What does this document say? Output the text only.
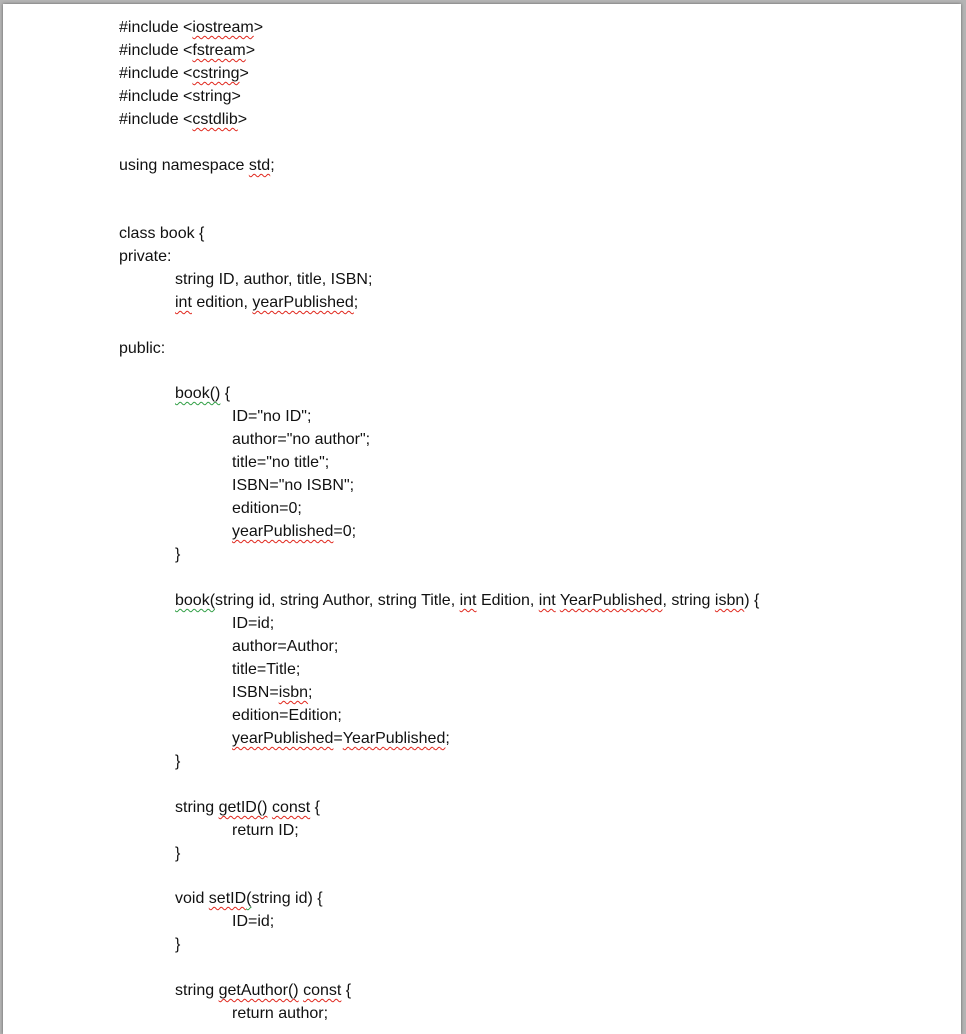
#include <iostream>
#include <fstream>
#include <cstring>
#include <string>
#include <cstdlib>
using namespace std;
class book {
private:
string ID, author, title, ISBN;
int edition, yearPublished;
public:
book() {
ID="no ID";
author="no author";
title="no title";
ISBN="no ISBN";
edition=0;
yearPublished=0;
}
book(string id, string Author, string Title, int Edition, int YearPublished, string isbn) {
ID=id;
author=Author;
title=Title;
ISBN=isbn;
edition=Edition;
yearPublished=YearPublished;
}
string getID() const {
return ID;
}
void setID(string id) {
ID=id;
}
string getAuthor() const {
return author;
